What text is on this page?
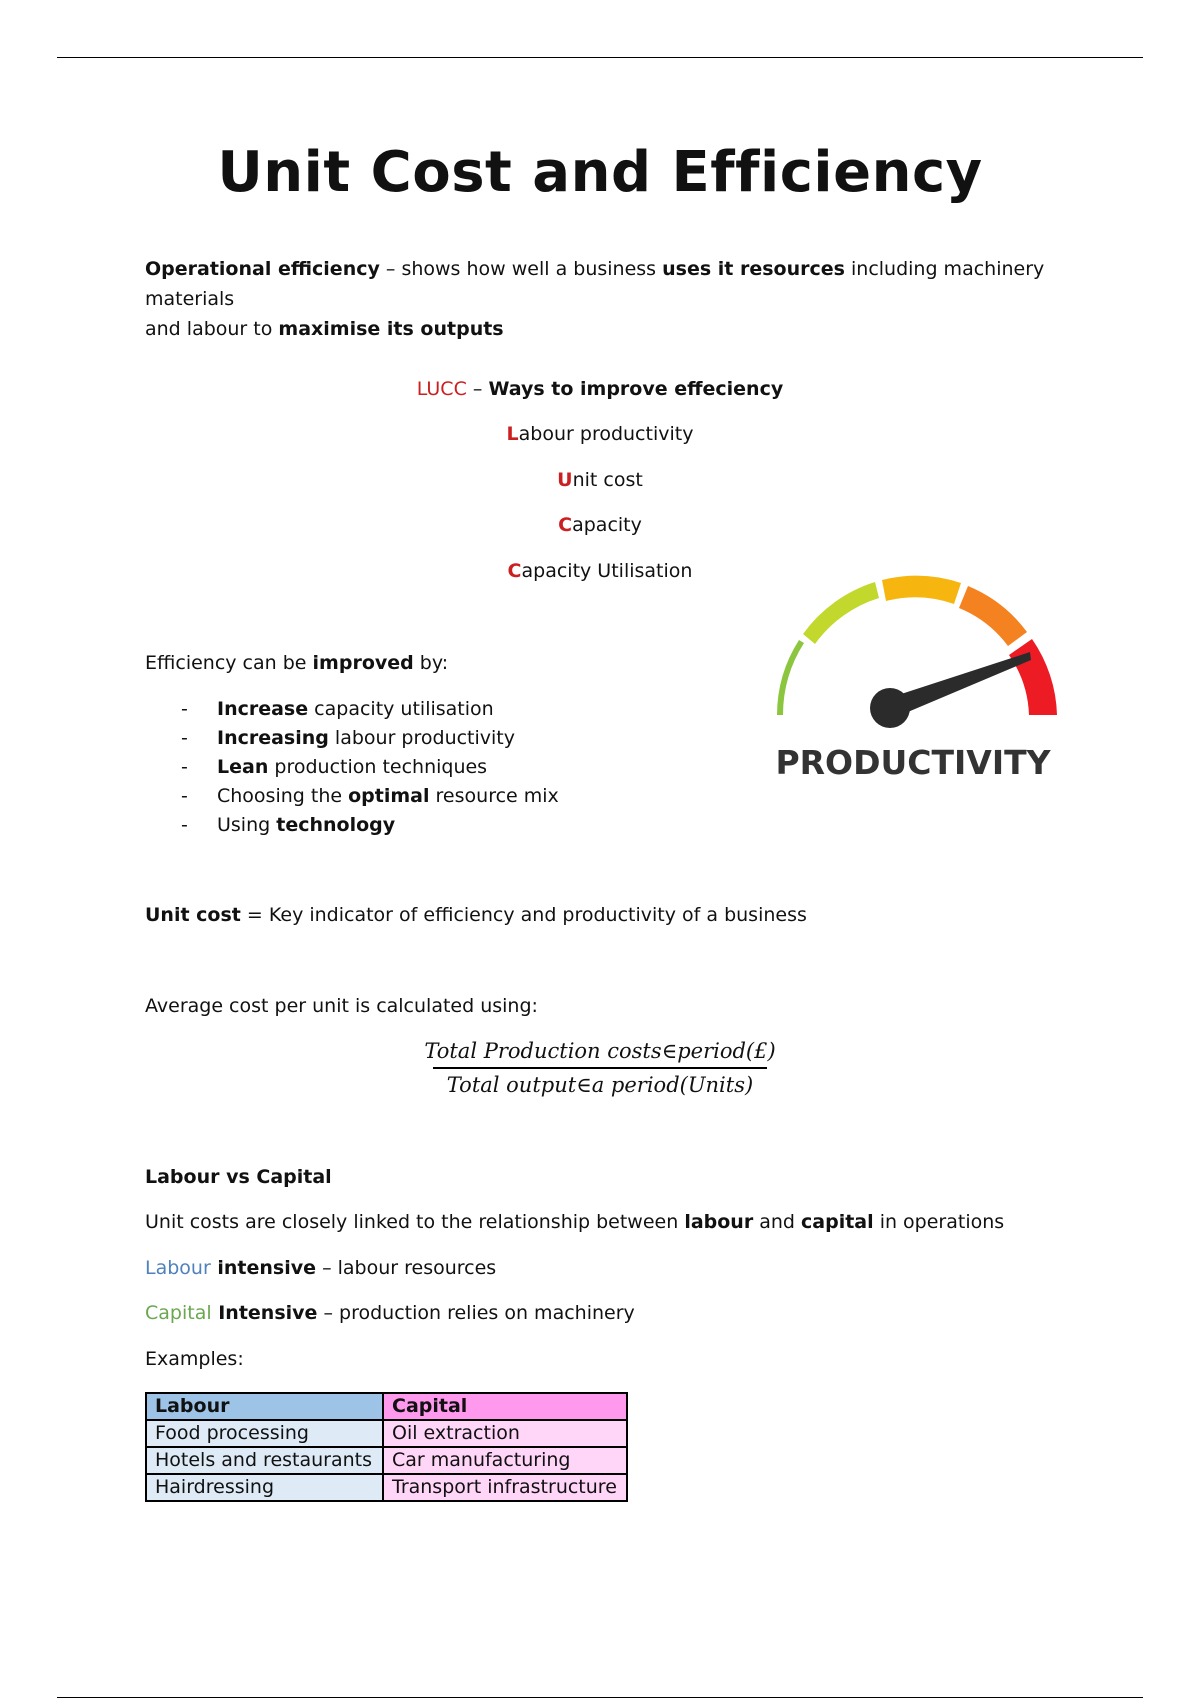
Unit Cost and Efficiency

Operational efficiency – shows how well a business uses it resources including machinery materials
and labour to maximise its outputs

LUCC – Ways to improve effeciency
Labour productivity
Unit cost
Capacity
Capacity Utilisation

Efficiency can be improved by:

- Increase capacity utilisation
- Increasing labour productivity
- Lean production techniques
- Choosing the optimal resource mix
- Using technology
PRODUCTIVITY

Unit cost = Key indicator of efficiency and productivity of a business

Average cost per unit is calculated using:

Total Production costs∈period(£)
Total output∈a period(Units)

Labour vs Capital

Unit costs are closely linked to the relationship between labour and capital in operations

Labour intensive – labour resources

Capital Intensive – production relies on machinery

Examples:

Labour	Capital
Food processing	Oil extraction
Hotels and restaurants	Car manufacturing
Hairdressing	Transport infrastructure
